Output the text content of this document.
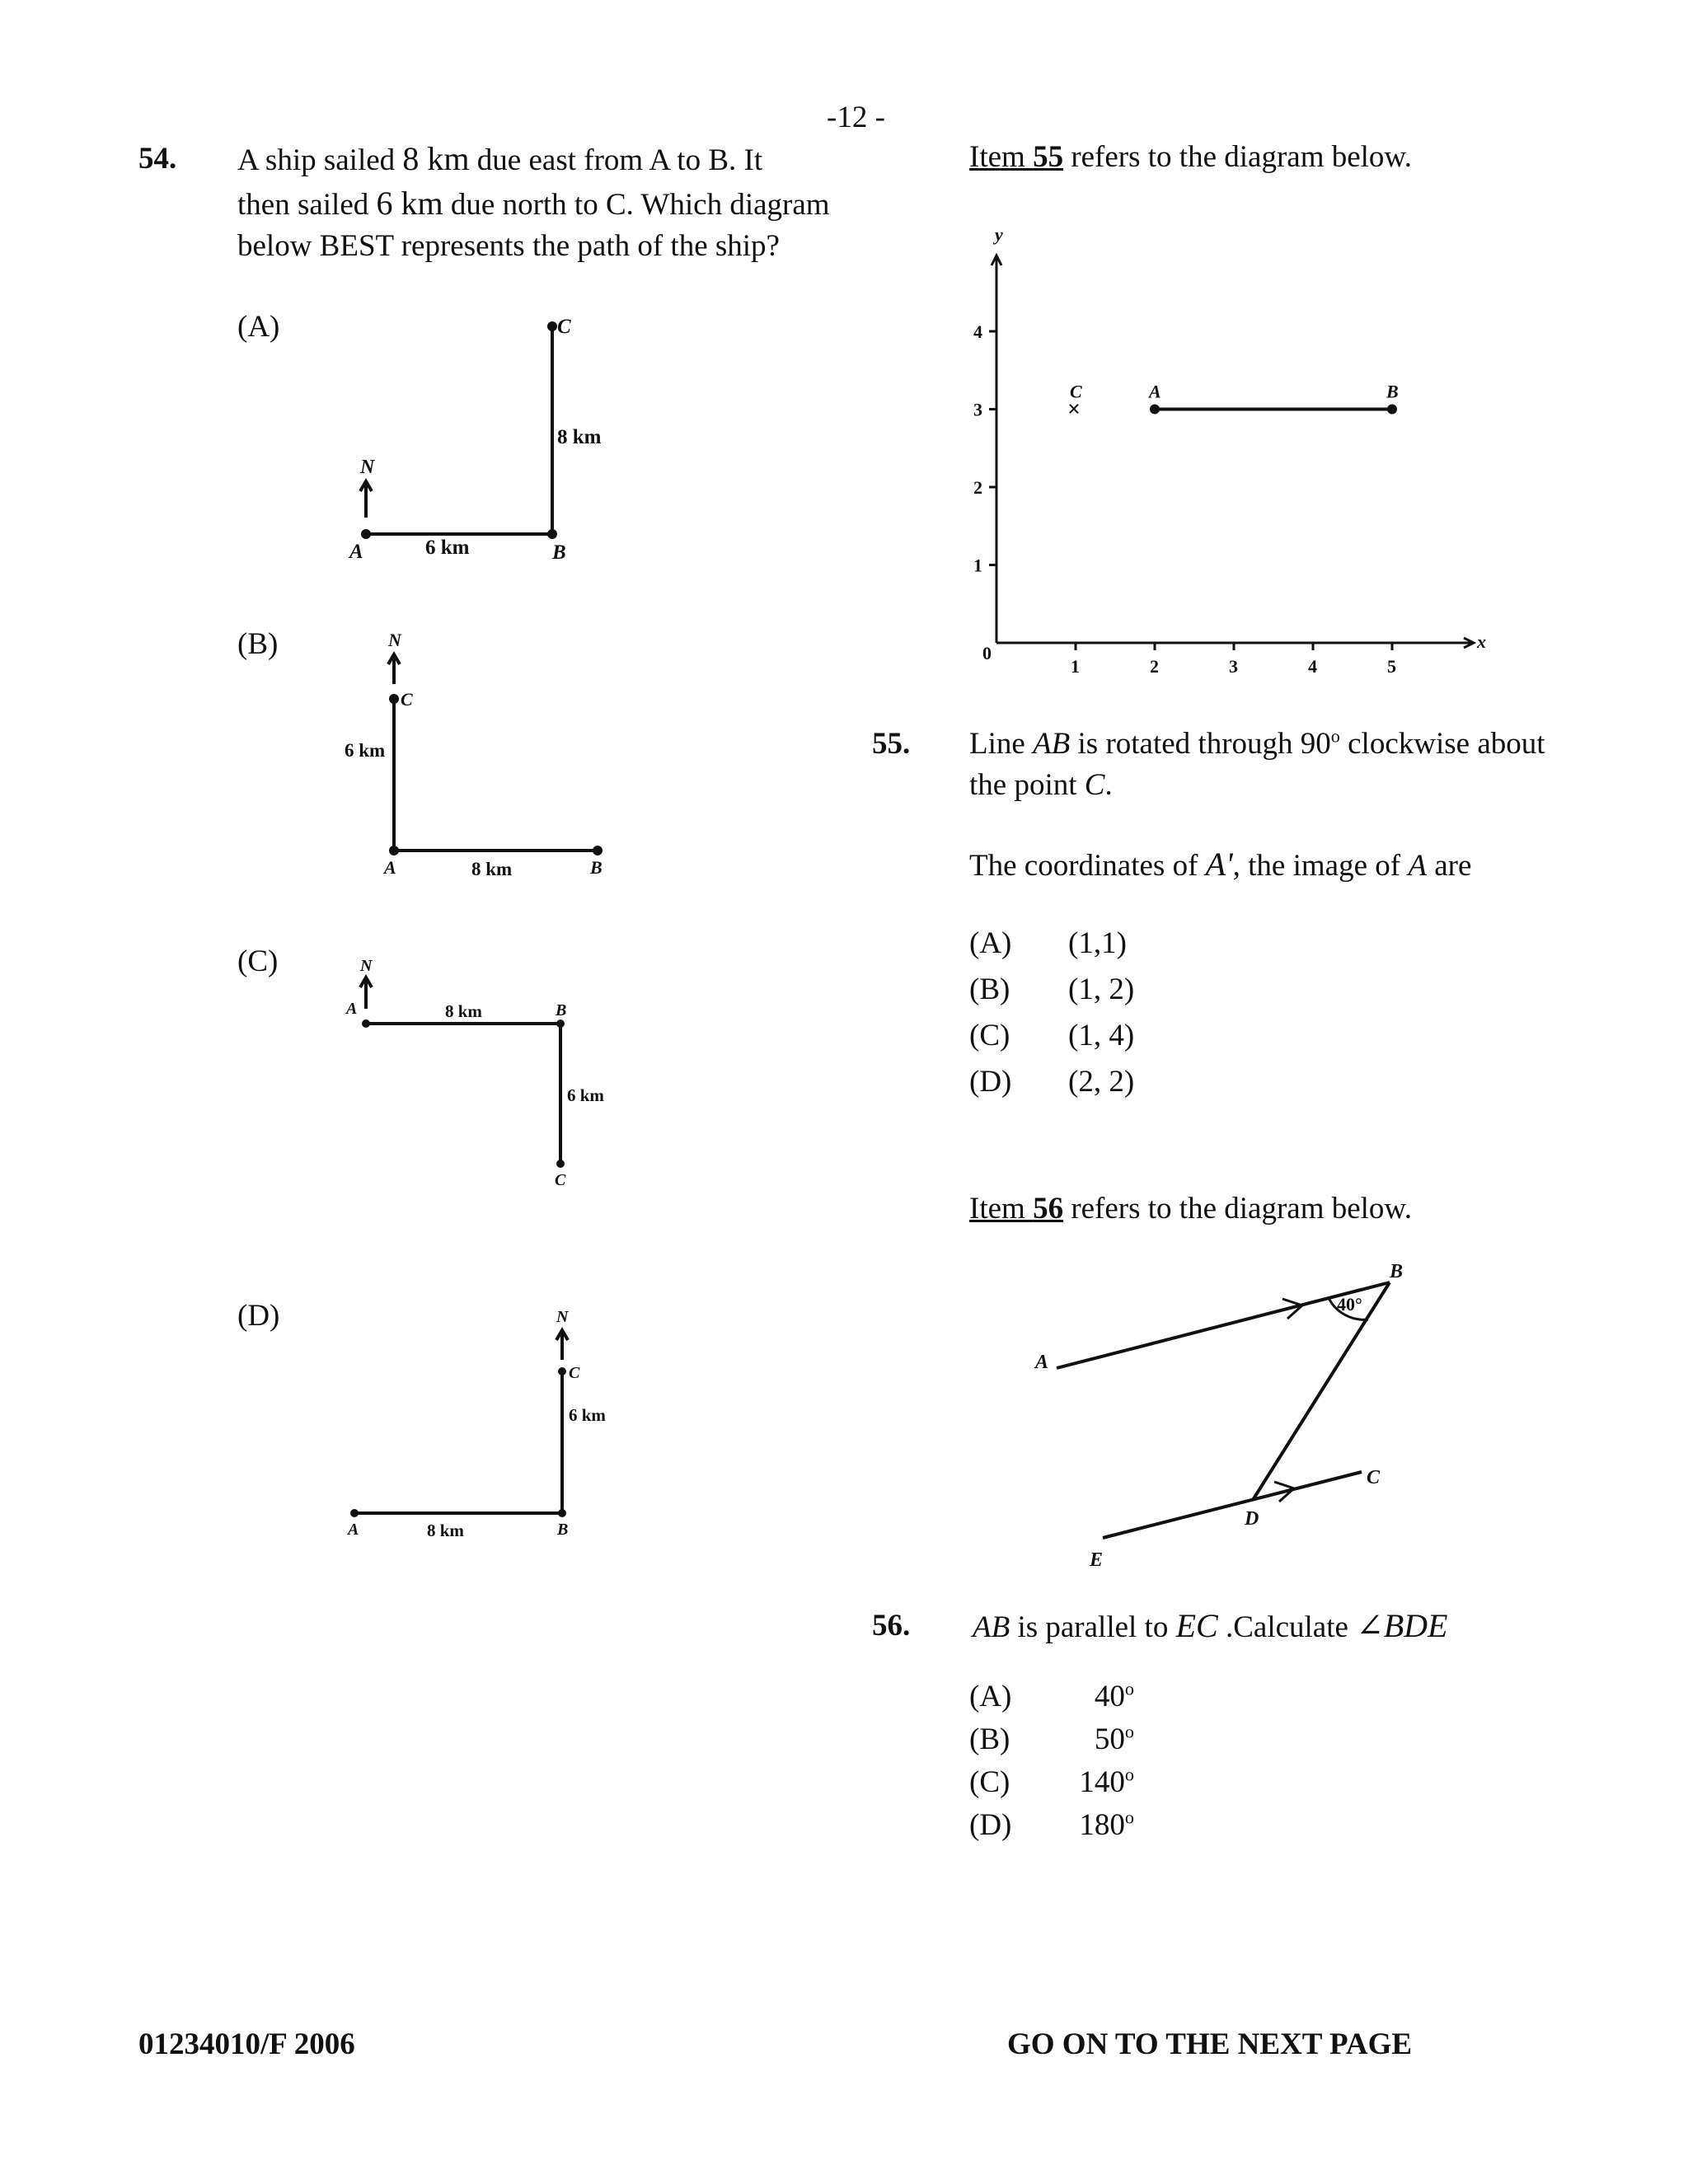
-12 -
54. A ship sailed 8 km due east from A to B. It
then sailed 6 km due north to C. Which diagram
below BEST represents the path of the ship?
(A)
(B)
(C)
(D)
N
A	B
C
6 km
8 km
N
A	B
C
8 km
6 km
N
A	B
C
8 km
6 km
N
A	B
C
8 km
6 km
Item 55 refers to the diagram below.
1	2	3	4	5
1
2
3
4
y
x
0
×
C	A	B
55. Line AB is rotated through 90$^o$ clockwise about
the point C.
The coordinates of A', the image of A are
(A) (1,1)
(B) (1, 2)
(C) (1, 4)
(D) (2, 2)
Item 56 refers to the diagram below.
40°
A
B
C
D
E
56. AB is parallel to EC .Calculate ∠BDE
(A)	40$^o$
(B)	50$^o$
(C)	140$^o$
(D)	180$^o$
01234010/F 2006	GO ON TO THE NEXT PAGE
